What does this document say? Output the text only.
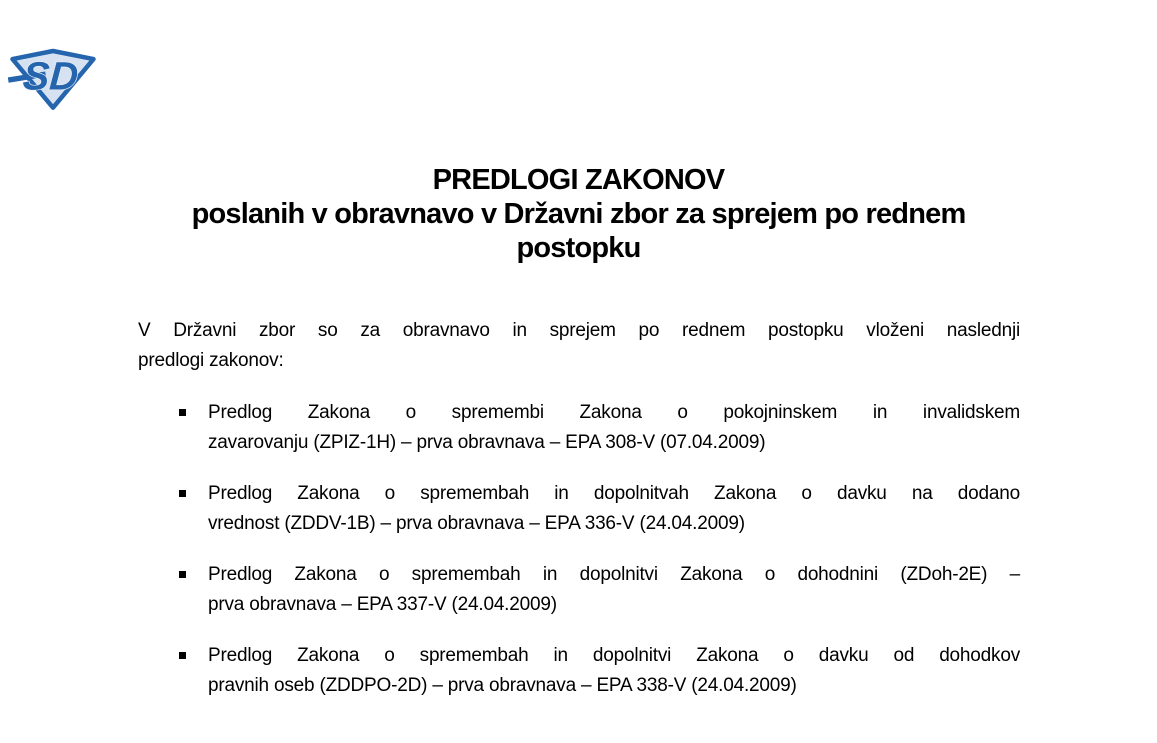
SD
PREDLOGI ZAKONOV
poslanih v obravnavo v Državni zbor za sprejem po rednem
postopku
V Državni zbor so za obravnavo in sprejem po rednem postopku vloženi naslednji
predlogi zakonov:
Predlog Zakona o spremembi Zakona o pokojninskem in invalidskem
zavarovanju (ZPIZ-1H) – prva obravnava – EPA 308-V (07.04.2009)
Predlog Zakona o spremembah in dopolnitvah Zakona o davku na dodano
vrednost (ZDDV-1B) – prva obravnava – EPA 336-V (24.04.2009)
Predlog Zakona o spremembah in dopolnitvi Zakona o dohodnini (ZDoh-2E) –
prva obravnava – EPA 337-V (24.04.2009)
Predlog Zakona o spremembah in dopolnitvi Zakona o davku od dohodkov
pravnih oseb (ZDDPO-2D) – prva obravnava – EPA 338-V (24.04.2009)
